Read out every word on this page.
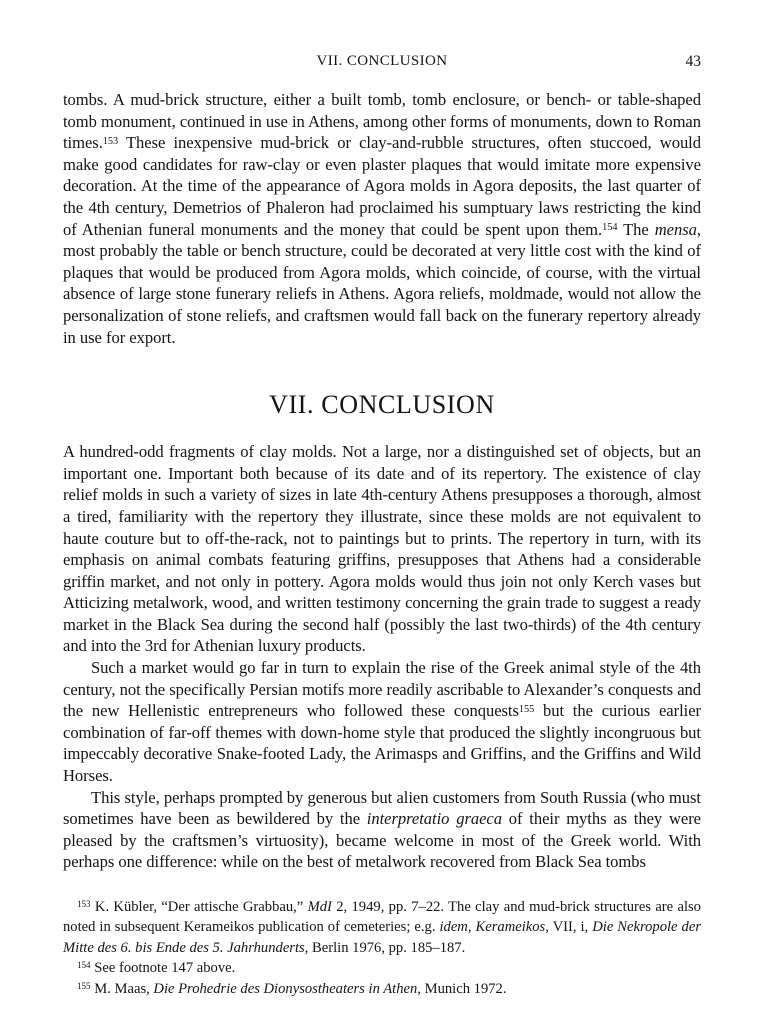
VII. CONCLUSION	43

tombs. A mud-brick structure, either a built tomb, tomb enclosure, or bench- or table-shaped tomb monument, continued in use in Athens, among other forms of monuments, down to Roman times.$^{153}$ These inexpensive mud-brick or clay-and-rubble structures, often stuccoed, would make good candidates for raw-clay or even plaster plaques that would imitate more expensive decoration. At the time of the appearance of Agora molds in Agora deposits, the last quarter of the 4th century, Demetrios of Phaleron had proclaimed his sumptuary laws restricting the kind of Athenian funeral monuments and the money that could be spent upon them.$^{154}$ The mensa, most probably the table or bench structure, could be decorated at very little cost with the kind of plaques that would be produced from Agora molds, which coincide, of course, with the virtual absence of large stone funerary reliefs in Athens. Agora reliefs, moldmade, would not allow the personalization of stone reliefs, and craftsmen would fall back on the funerary repertory already in use for export.

VII. CONCLUSION

A hundred-odd fragments of clay molds. Not a large, nor a distinguished set of objects, but an important one. Important both because of its date and of its repertory. The existence of clay relief molds in such a variety of sizes in late 4th-century Athens presupposes a thorough, almost a tired, familiarity with the repertory they illustrate, since these molds are not equivalent to haute couture but to off-the-rack, not to paintings but to prints. The repertory in turn, with its emphasis on animal combats featuring griffins, presupposes that Athens had a considerable griffin market, and not only in pottery. Agora molds would thus join not only Kerch vases but Atticizing metalwork, wood, and written testimony concerning the grain trade to suggest a ready market in the Black Sea during the second half (possibly the last two-thirds) of the 4th century and into the 3rd for Athenian luxury products.

Such a market would go far in turn to explain the rise of the Greek animal style of the 4th century, not the specifically Persian motifs more readily ascribable to Alexander’s conquests and the new Hellenistic entrepreneurs who followed these conquests$^{155}$ but the curious earlier combination of far-off themes with down-home style that produced the slightly incongruous but impeccably decorative Snake-footed Lady, the Arimasps and Griffins, and the Griffins and Wild Horses.

This style, perhaps prompted by generous but alien customers from South Russia (who must sometimes have been as bewildered by the interpretatio graeca of their myths as they were pleased by the craftsmen’s virtuosity), became welcome in most of the Greek world. With perhaps one difference: while on the best of metalwork recovered from Black Sea tombs

$^{153}$ K. Kübler, “Der attische Grabbau,” MdI 2, 1949, pp. 7–22. The clay and mud-brick structures are also noted in subsequent Kerameikos publication of cemeteries; e.g. idem, Kerameikos, VII, i, Die Nekropole der Mitte des 6. bis Ende des 5. Jahrhunderts, Berlin 1976, pp. 185–187.

$^{154}$ See footnote 147 above.

$^{155}$ M. Maas, Die Prohedrie des Dionysostheaters in Athen, Munich 1972.
